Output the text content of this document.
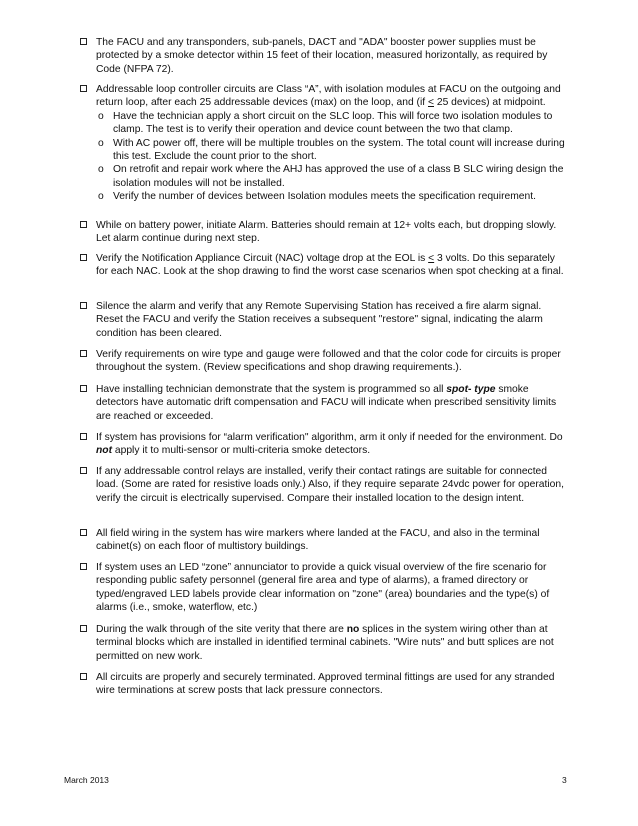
The FACU and any transponders, sub-panels, DACT and "ADA" booster power supplies must be protected by a smoke detector within 15 feet of their location, measured horizontally, as required by Code (NFPA 72).
Addressable loop controller circuits are Class “A”, with isolation modules at FACU on the outgoing and return loop, after each 25 addressable devices (max) on the loop, and (if ≤ 25 devices) at midpoint.
o Have the technician apply a short circuit on the SLC loop. This will force two isolation modules to clamp. The test is to verify their operation and device count between the two that clamp.
o With AC power off, there will be multiple troubles on the system. The total count will increase during this test. Exclude the count prior to the short.
o On retrofit and repair work where the AHJ has approved the use of a class B SLC wiring design the isolation modules will not be installed.
o Verify the number of devices between Isolation modules meets the specification requirement.
While on battery power, initiate Alarm. Batteries should remain at 12+ volts each, but dropping slowly. Let alarm continue during next step.
Verify the Notification Appliance Circuit (NAC) voltage drop at the EOL is ≤ 3 volts. Do this separately for each NAC. Look at the shop drawing to find the worst case scenarios when spot checking at a final.
Silence the alarm and verify that any Remote Supervising Station has received a fire alarm signal. Reset the FACU and verify the Station receives a subsequent "restore" signal, indicating the alarm condition has been cleared.
Verify requirements on wire type and gauge were followed and that the color code for circuits is proper throughout the system. (Review specifications and shop drawing requirements.).
Have installing technician demonstrate that the system is programmed so all spot- type smoke detectors have automatic drift compensation and FACU will indicate when prescribed sensitivity limits are reached or exceeded.
If system has provisions for “alarm verification" algorithm, arm it only if needed for the environment. Do not apply it to multi-sensor or multi-criteria smoke detectors.
If any addressable control relays are installed, verify their contact ratings are suitable for connected load. (Some are rated for resistive loads only.) Also, if they require separate 24vdc power for operation, verify the circuit is electrically supervised. Compare their installed location to the design intent.
All field wiring in the system has wire markers where landed at the FACU, and also in the terminal cabinet(s) on each floor of multistory buildings.
If system uses an LED “zone” annunciator to provide a quick visual overview of the fire scenario for responding public safety personnel (general fire area and type of alarms), a framed directory or typed/engraved LED labels provide clear information on "zone" (area) boundaries and the type(s) of alarms (i.e., smoke, waterflow, etc.)
During the walk through of the site verity that there are no splices in the system wiring other than at terminal blocks which are installed in identified terminal cabinets. "Wire nuts" and butt splices are not permitted on new work.
All circuits are properly and securely terminated. Approved terminal fittings are used for any stranded wire terminations at screw posts that lack pressure connectors.
March 2013	3
